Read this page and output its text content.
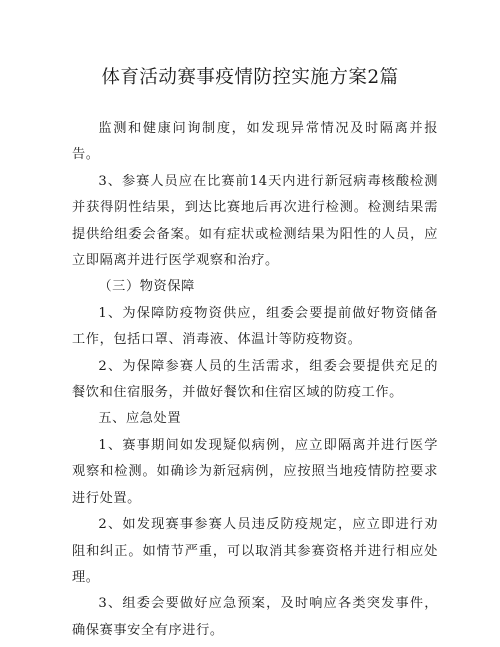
体育活动赛事疫情防控实施方案2篇

监测和健康问询制度，如发现异常情况及时隔离并报告。

3、参赛人员应在比赛前14天内进行新冠病毒核酸检测并获得阴性结果，到达比赛地后再次进行检测。检测结果需提供给组委会备案。如有症状或检测结果为阳性的人员，应立即隔离并进行医学观察和治疗。

（三）物资保障

1、为保障防疫物资供应，组委会要提前做好物资储备工作，包括口罩、消毒液、体温计等防疫物资。

2、为保障参赛人员的生活需求，组委会要提供充足的餐饮和住宿服务，并做好餐饮和住宿区域的防疫工作。

五、应急处置

1、赛事期间如发现疑似病例，应立即隔离并进行医学观察和检测。如确诊为新冠病例，应按照当地疫情防控要求进行处置。

2、如发现赛事参赛人员违反防疫规定，应立即进行劝阻和纠正。如情节严重，可以取消其参赛资格并进行相应处理。

3、组委会要做好应急预案，及时响应各类突发事件，确保赛事安全有序进行。
